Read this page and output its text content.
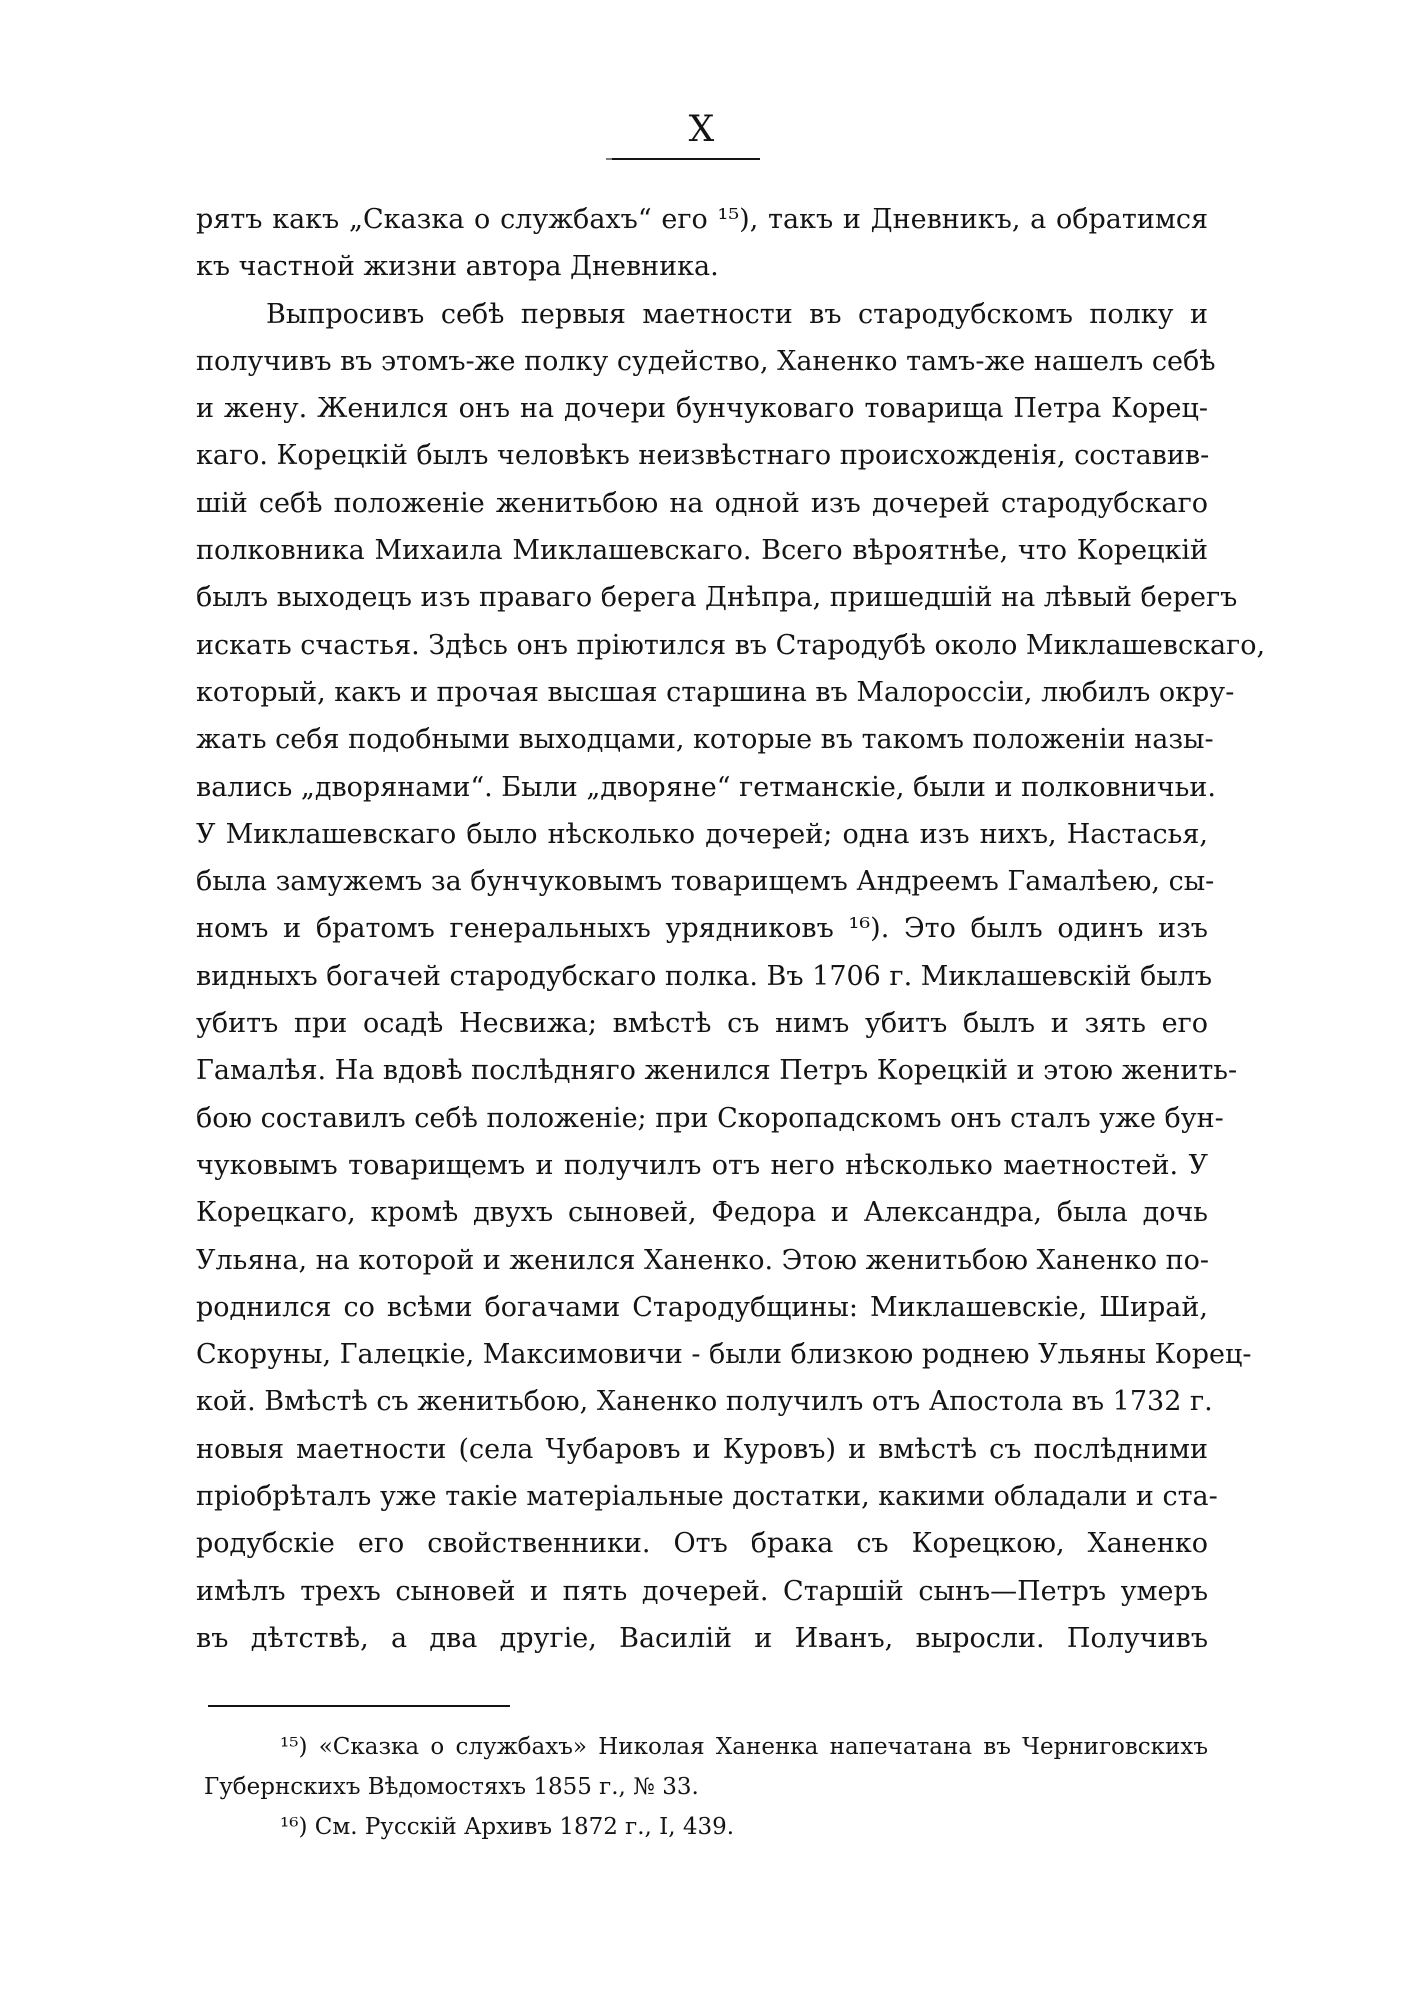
X
рятъ какъ „Сказка о службахъ“ его ¹⁵), такъ и Дневникъ, а обратимся
къ частной жизни автора Дневника.
Выпросивъ себѣ первыя маетности въ стародубскомъ полку и
получивъ въ этомъ-же полку судейство, Ханенко тамъ-же нашелъ себѣ
и жену. Женился онъ на дочери бунчуковаго товарища Петра Корец-
каго. Корецкій былъ человѣкъ неизвѣстнаго происхожденія, составив-
шій себѣ положеніе женитьбою на одной изъ дочерей стародубскаго
полковника Михаила Миклашевскаго. Всего вѣроятнѣе, что Корецкій
былъ выходецъ изъ праваго берега Днѣпра, пришедшій на лѣвый берегъ
искать счастья. Здѣсь онъ пріютился въ Стародубѣ около Миклашевскаго,
который, какъ и прочая высшая старшина въ Малороссіи, любилъ окру-
жать себя подобными выходцами, которые въ такомъ положеніи назы-
вались „дворянами“. Были „дворяне“ гетманскіе, были и полковничьи.
У Миклашевскаго было нѣсколько дочерей; одна изъ нихъ, Настасья,
была замужемъ за бунчуковымъ товарищемъ Андреемъ Гамалѣею, сы-
номъ и братомъ генеральныхъ урядниковъ ¹⁶). Это былъ одинъ изъ
видныхъ богачей стародубскаго полка. Въ 1706 г. Миклашевскій былъ
убитъ при осадѣ Несвижа; вмѣстѣ съ нимъ убитъ былъ и зять его
Гамалѣя. На вдовѣ послѣдняго женился Петръ Корецкій и этою женить-
бою составилъ себѣ положеніе; при Скоропадскомъ онъ сталъ уже бун-
чуковымъ товарищемъ и получилъ отъ него нѣсколько маетностей. У
Корецкаго, кромѣ двухъ сыновей, Федора и Александра, была дочь
Ульяна, на которой и женился Ханенко. Этою женитьбою Ханенко по-
роднился со всѣми богачами Стародубщины: Миклашевскіе, Ширай,
Скоруны, Галецкіе, Максимовичи - были близкою роднею Ульяны Корец-
кой. Вмѣстѣ съ женитьбою, Ханенко получилъ отъ Апостола въ 1732 г.
новыя маетности (села Чубаровъ и Куровъ) и вмѣстѣ съ послѣдними
пріобрѣталъ уже такіе матеріальные достатки, какими обладали и ста-
родубскіе его свойственники. Отъ брака съ Корецкою, Ханенко
имѣлъ трехъ сыновей и пять дочерей. Старшій сынъ—Петръ умеръ
въ дѣтствѣ, а два другіе, Василій и Иванъ, выросли. Получивъ
¹⁵) «Сказка о службахъ» Николая Ханенка напечатана въ Черниговскихъ
Губернскихъ Вѣдомостяхъ 1855 г., № 33.
¹⁶) См. Русскій Архивъ 1872 г., I, 439.
